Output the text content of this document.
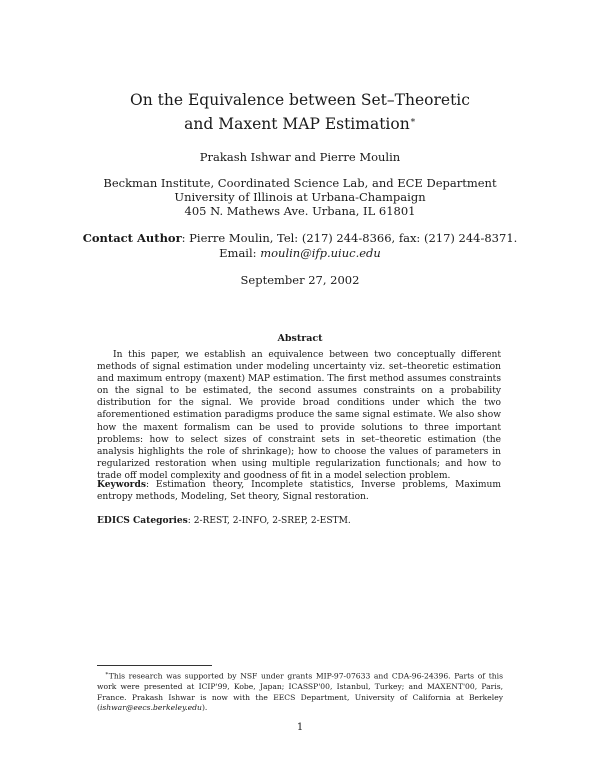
On the Equivalence between Set–Theoretic
and Maxent MAP Estimation∗
Prakash Ishwar and Pierre Moulin
Beckman Institute, Coordinated Science Lab, and ECE Department
University of Illinois at Urbana-Champaign
405 N. Mathews Ave. Urbana, IL 61801
Contact Author: Pierre Moulin, Tel: (217) 244-8366, fax: (217) 244-8371.
Email: moulin@ifp.uiuc.edu
September 27, 2002
Abstract
In this paper, we establish an equivalence between two conceptually different methods of signal estimation under modeling uncertainty viz. set–theoretic estimation and maximum entropy (maxent) MAP estimation. The first method assumes constraints on the signal to be estimated, the second assumes constraints on a probability distribution for the signal. We provide broad conditions under which the two aforementioned estimation paradigms produce the same signal estimate. We also show how the maxent formalism can be used to provide solutions to three important problems: how to select sizes of constraint sets in set–theoretic estimation (the analysis highlights the role of shrinkage); how to choose the values of parameters in regularized restoration when using multiple regularization functionals; and how to trade off model complexity and goodness of fit in a model selection problem.
Keywords: Estimation theory, Incomplete statistics, Inverse problems, Maximum entropy methods, Modeling, Set theory, Signal restoration.
EDICS Categories: 2-REST, 2-INFO, 2-SREP, 2-ESTM.
∗This research was supported by NSF under grants MIP-97-07633 and CDA-96-24396. Parts of this work were presented at ICIP'99, Kobe, Japan; ICASSP'00, Istanbul, Turkey; and MAXENT'00, Paris, France. Prakash Ishwar is now with the EECS Department, University of California at Berkeley (ishwar@eecs.berkeley.edu).
1
